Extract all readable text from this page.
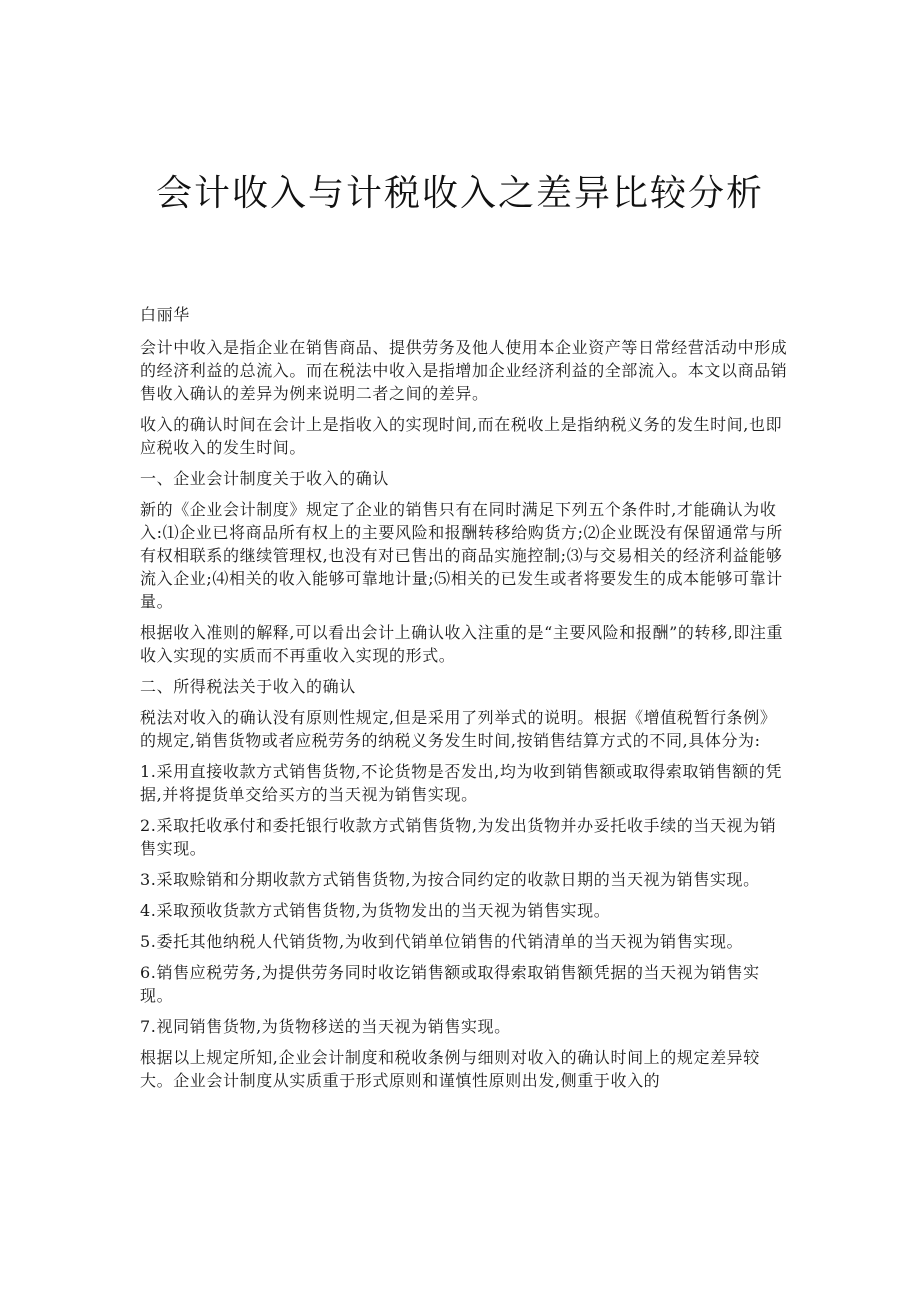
会计收入与计税收入之差异比较分析

白丽华

会计中收入是指企业在销售商品、提供劳务及他人使用本企业资产等日常经营活动中形成的经济利益的总流入。而在税法中收入是指增加企业经济利益的全部流入。本文以商品销售收入确认的差异为例来说明二者之间的差异。

收入的确认时间在会计上是指收入的实现时间,而在税收上是指纳税义务的发生时间,也即应税收入的发生时间。

一、企业会计制度关于收入的确认

新的《企业会计制度》规定了企业的销售只有在同时满足下列五个条件时,才能确认为收入:⑴企业已将商品所有权上的主要风险和报酬转移给购货方;⑵企业既没有保留通常与所有权相联系的继续管理权,也没有对已售出的商品实施控制;⑶与交易相关的经济利益能够流入企业;⑷相关的收入能够可靠地计量;⑸相关的已发生或者将要发生的成本能够可靠计量。

根据收入准则的解释,可以看出会计上确认收入注重的是“主要风险和报酬”的转移,即注重收入实现的实质而不再重收入实现的形式。

二、所得税法关于收入的确认

税法对收入的确认没有原则性规定,但是采用了列举式的说明。根据《增值税暂行条例》的规定,销售货物或者应税劳务的纳税义务发生时间,按销售结算方式的不同,具体分为:

1.采用直接收款方式销售货物,不论货物是否发出,均为收到销售额或取得索取销售额的凭据,并将提货单交给买方的当天视为销售实现。

2.采取托收承付和委托银行收款方式销售货物,为发出货物并办妥托收手续的当天视为销售实现。

3.采取赊销和分期收款方式销售货物,为按合同约定的收款日期的当天视为销售实现。

4.采取预收货款方式销售货物,为货物发出的当天视为销售实现。

5.委托其他纳税人代销货物,为收到代销单位销售的代销清单的当天视为销售实现。

6.销售应税劳务,为提供劳务同时收讫销售额或取得索取销售额凭据的当天视为销售实现。

7.视同销售货物,为货物移送的当天视为销售实现。

根据以上规定所知,企业会计制度和税收条例与细则对收入的确认时间上的规定差异较大。企业会计制度从实质重于形式原则和谨慎性原则出发,侧重于收入的
